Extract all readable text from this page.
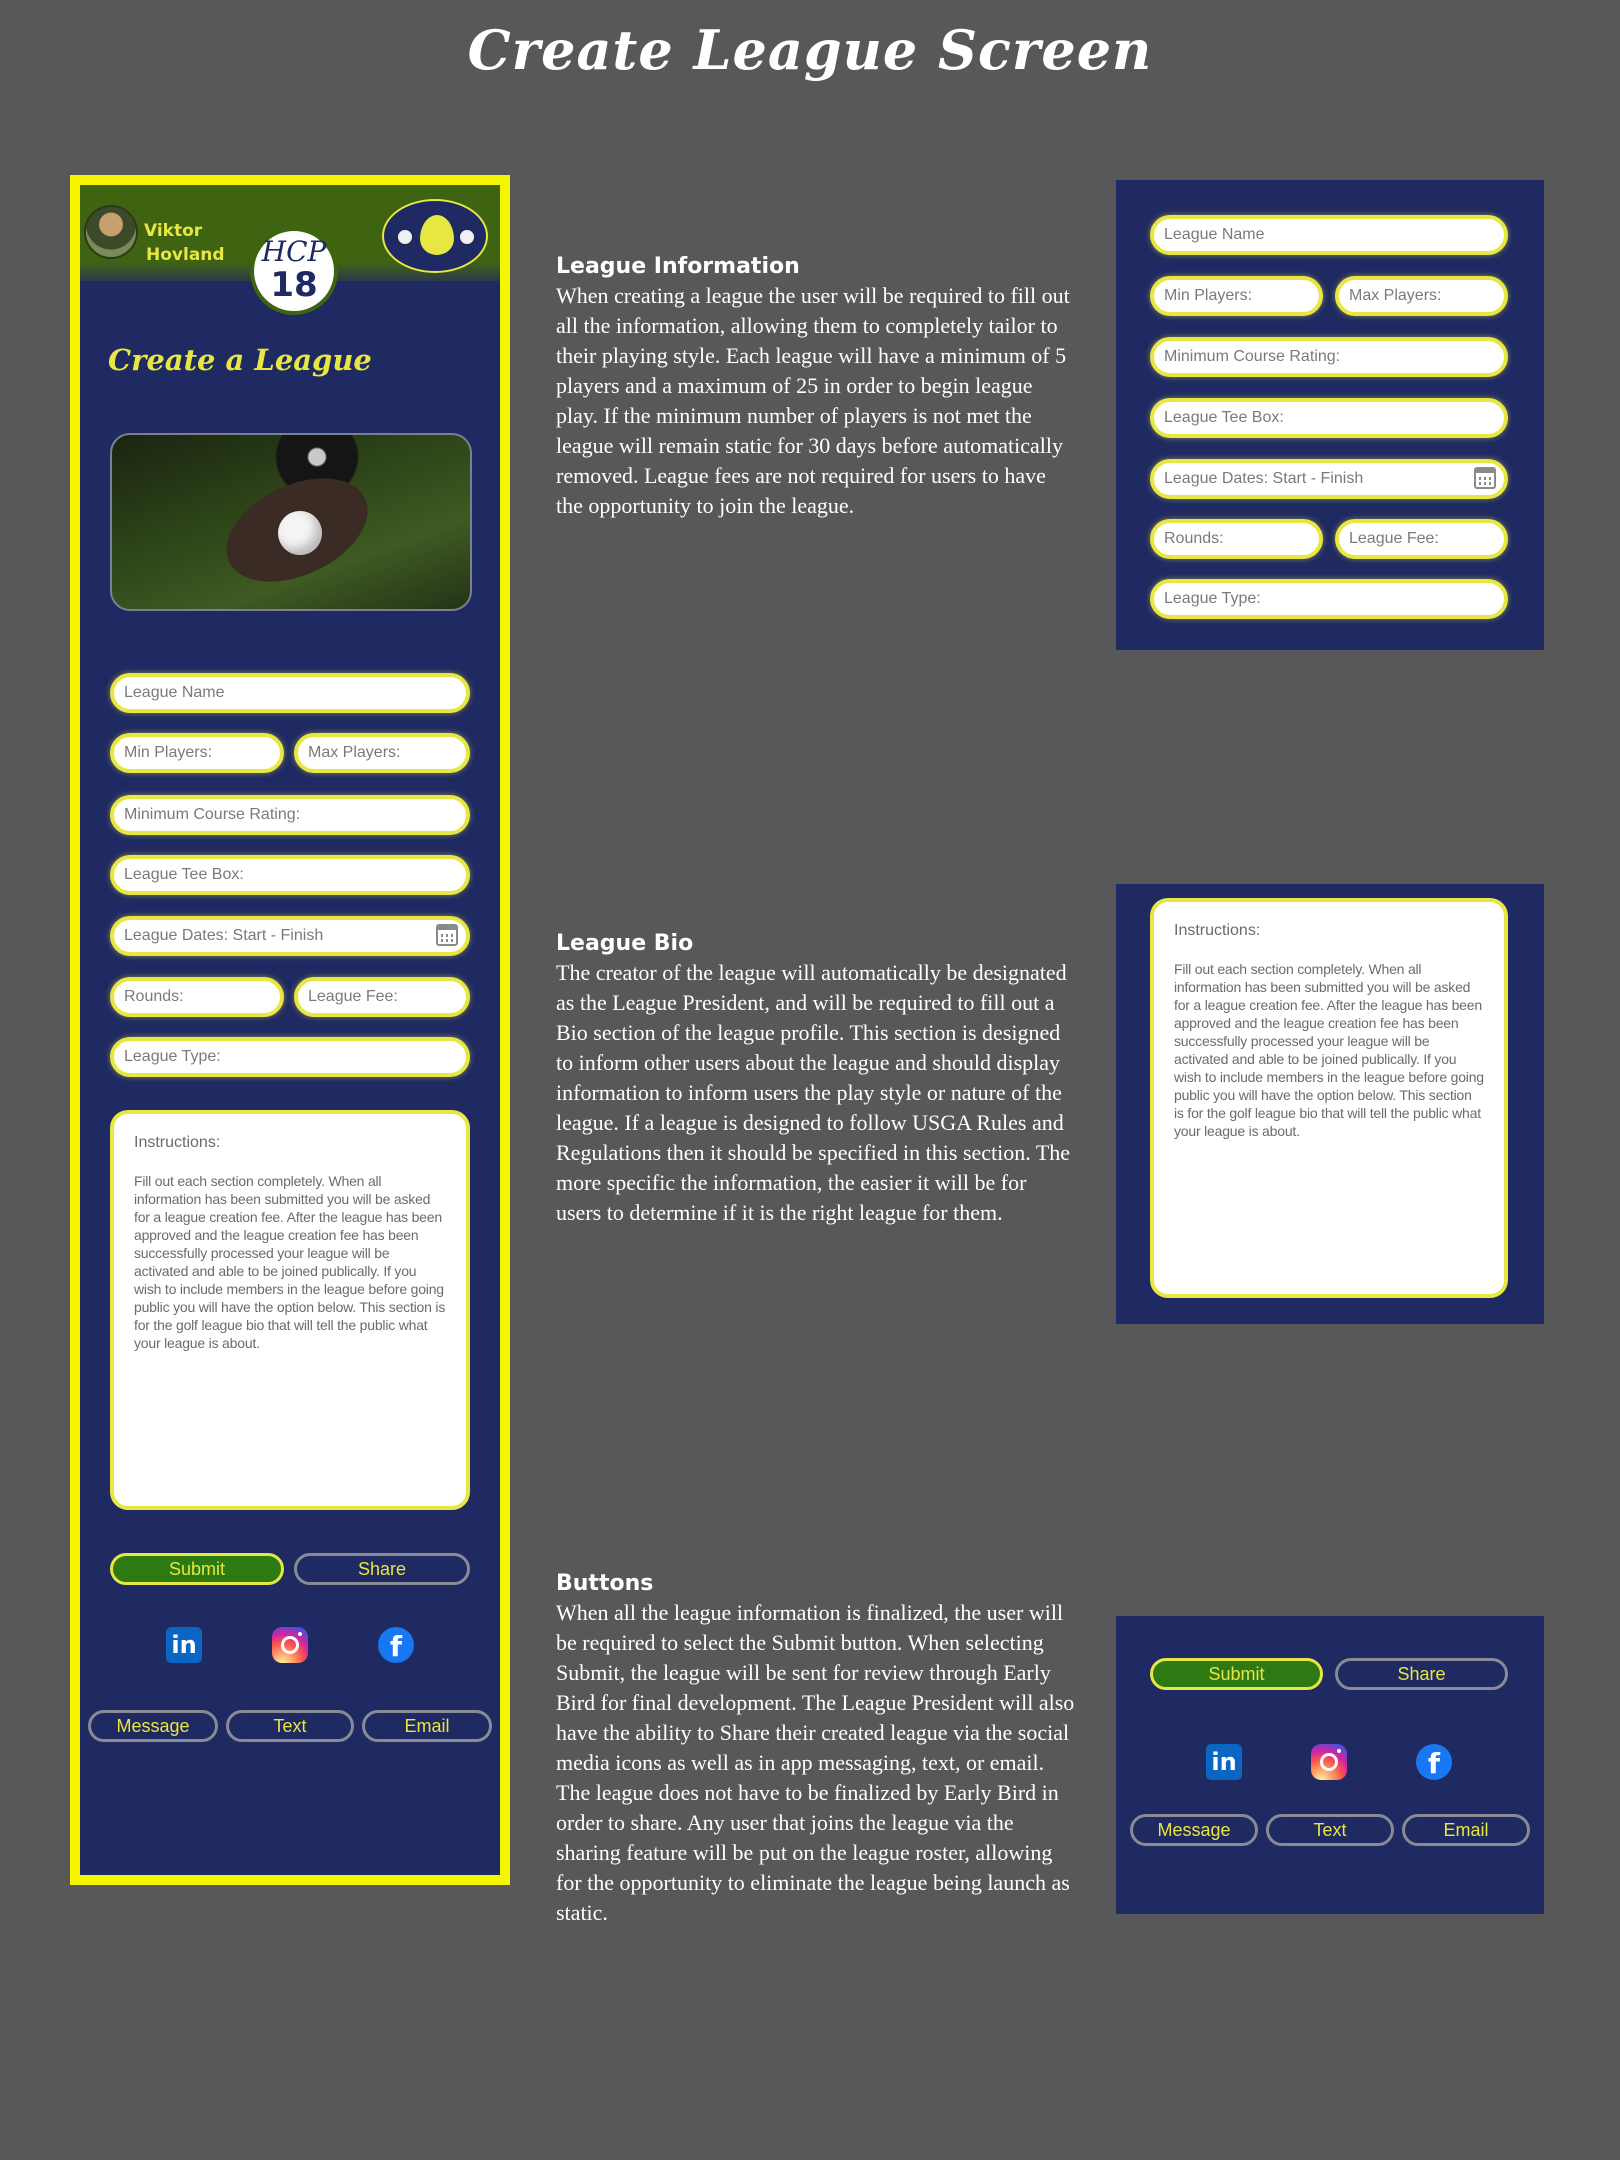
Create League Screen
Viktor
Hovland	HCP
18
Create a League
League Name
Min Players:	Max Players:
Minimum Course Rating:
League Tee Box:
League Dates: Start - Finish
Rounds:	League Fee:
League Type:
Instructions:
Fill out each section completely. When all information has been submitted you will be asked for a league creation fee. After the league has been approved and the league creation fee has been successfully processed your league will be activated and able to be joined publically. If you wish to include members in the league before going public you will have the option below. This section is for the golf league bio that will tell the public what your league is about.
Submit	Share
in	f
Message	Text	Email
League Information
When creating a league the user will be required to fill out all the information, allowing them to completely tailor to their playing style. Each league will have a minimum of 5 players and a maximum of 25 in order to begin league play. If the minimum number of players is not met the league will remain static for 30 days before automatically removed. League fees are not required for users to have the opportunity to join the league.
League Bio
The creator of the league will automatically be designated as the League President, and will be required to fill out a Bio section of the league profile. This section is designed to inform other users about the league and should display information to inform users the play style or nature of the league. If a league is designed to follow USGA Rules and Regulations then it should be specified in this section. The more specific the information, the easier it will be for users to determine if it is the right league for them.
Buttons
When all the league information is finalized, the user will be required to select the Submit button. When selecting Submit, the league will be sent for review through Early Bird for final development. The League President will also have the ability to Share their created league via the social media icons as well as in app messaging, text, or email. The league does not have to be finalized by Early Bird in order to share. Any user that joins the league via the sharing feature will be put on the league roster, allowing for the opportunity to eliminate the league being launch as static.
League Name
Min Players:	Max Players:
Minimum Course Rating:
League Tee Box:
League Dates: Start - Finish
Rounds:	League Fee:
League Type:
Instructions:
Fill out each section completely. When all information has been submitted you will be asked for a league creation fee. After the league has been approved and the league creation fee has been successfully processed your league will be activated and able to be joined publically. If you wish to include members in the league before going public you will have the option below. This section is for the golf league bio that will tell the public what your league is about.
Submit	Share
in	f
Message	Text	Email
